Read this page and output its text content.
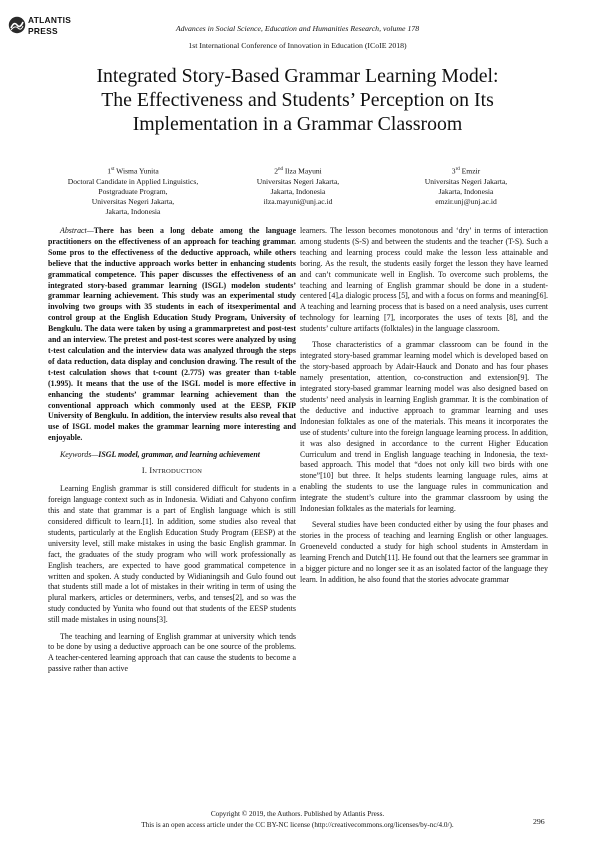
ATLANTIS
PRESS	Advances in Social Science, Education and Humanities Research, volume 178
1st International Conference of Innovation in Education (ICoIE 2018)
Integrated Story-Based Grammar Learning Model:
The Effectiveness and Students’ Perception on Its
Implementation in a Grammar Classroom
1st Wisma Yunita
Doctoral Candidate in Applied Linguistics,
Postgraduate Program,
Universitas Negeri Jakarta,
Jakarta, Indonesia
2nd Ilza Mayuni
Universitas Negeri Jakarta,
Jakarta, Indonesia
ilza.mayuni@unj.ac.id
3rd Emzir
Universitas Negeri Jakarta,
Jakarta, Indonesia
emzir.unj@unj.ac.id

Abstract—There has been a long debate among the language practitioners on the effectiveness of an approach for teaching grammar. Some pros to the effectiveness of the deductive approach, while others believe that the inductive approach works better in enhancing students grammatical competence. This paper discusses the effectiveness of an integrated story-based grammar learning (ISGL) modelon students’ grammar learning achievement. This study was an experimental study involving two groups with 35 students in each of itsexperimental and control group at the English Education Study Program, University of Bengkulu. The data were taken by using a grammarpretest and post-test and an interview. The pretest and post-test scores were analyzed by using t-test calculation and the interview data was analyzed through the steps of data reduction, data display and conclusion drawing. The result of the t-test calculation shows that t-count (2.775) was greater than t-table (1.995). It means that the use of the ISGL model is more effective in enhancing the students’ grammar learning achievement than the conventional approach which commonly used at the EESP, FKIP University of Bengkulu. In addition, the interview results also reveal that use of ISGL model makes the grammar learning more interesting and enjoyable.

Keywords—ISGL model, grammar, and learning achievement

I. INTRODUCTION

Learning English grammar is still considered difficult for students in a foreign language context such as in Indonesia. Widiati and Cahyono confirm this and state that grammar is a part of English language which is still considered difficult to learn.[1]. In addition, some studies also reveal that students, particularly at the English Education Study Program (EESP) at the university level, still make mistakes in using the basic English grammar. In fact, the graduates of the study program who will work professionally as English teachers, are expected to have good grammatical competence in written and spoken. A study conducted by Widianingsih and Gulo found out that students still made a lot of mistakes in their writing in term of using the plural markers, articles or determiners, verbs, and tenses[2], and so was the study conducted by Yunita who found out that students of the EESP students still made mistakes in using nouns[3].

The teaching and learning of English grammar at university which tends to be done by using a deductive approach can be one source of the problems. A teacher-centered learning approach that can cause the students to become a passive rather than active

learners. The lesson becomes monotonous and ‘dry’ in terms of interaction among students (S-S) and between the students and the teacher (T-S). Such a teaching and learning process could make the lesson less attainable and boring. As the result, the students easily forget the lesson they have learned and can’t communicate well in English. To overcome such problems, the teaching and learning of English grammar should be done in a student-centered [4],a dialogic process [5], and with a focus on forms and meaning[6]. A teaching and learning process that is based on a need analysis, uses current technology for learning [7], incorporates the uses of texts [8], and the students’ culture artifacts (folktales) in the language classroom.

Those characteristics of a grammar classroom can be found in the integrated story-based grammar learning model which is developed based on the story-based approach by Adair-Hauck and Donato and has four phases namely presentation, attention, co-construction and extension[9]. The integrated story-based grammar learning model was also designed based on students’ need analysis in learning English grammar. It is the combination of the deductive and inductive approach to grammar learning and uses Indonesian folktales as one of the materials. This means it incorporates the use of students’ culture into the foreign language learning process. In addition, it was also designed in accordance to the current Higher Education Curriculum and trend in English language teaching in Indonesia, the text-based approach. This model that “does not only kill two birds with one stone”[10] but three. It helps students learning language rules, aims at enabling the students to use the language rules in communication and integrate the student’s culture into the grammar classroom by using the Indonesian folktales as the materials for learning.

Several studies have been conducted either by using the four phases and stories in the process of teaching and learning English or other languages. Groeneveld conducted a study for high school students in Amsterdam in learning French and Dutch[11]. He found out that the learners see grammar in a bigger picture and no longer see it as an isolated factor of the language they learn. In addition, he also found that the stories advocate grammar

Copyright © 2019, the Authors. Published by Atlantis Press.
This is an open access article under the CC BY-NC license (http://creativecommons.org/licenses/by-nc/4.0/).	296
